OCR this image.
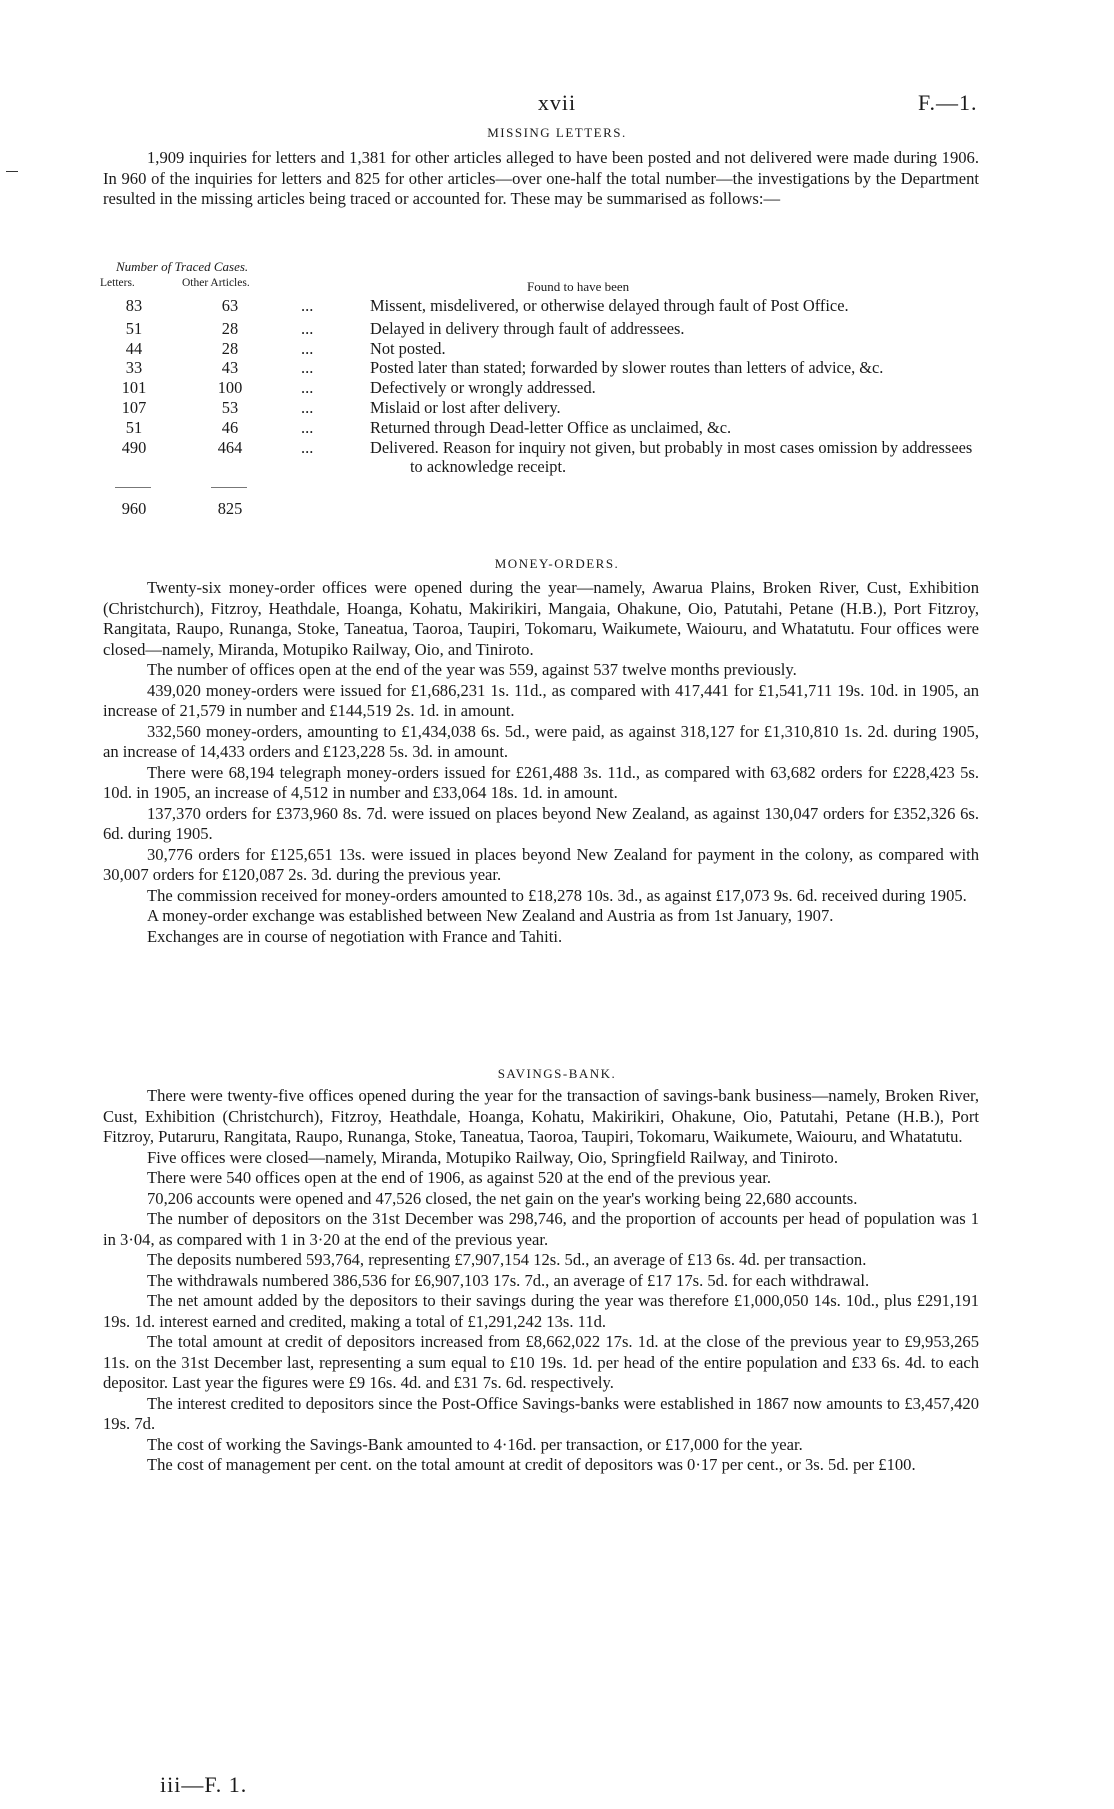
xvii	F.—1.
MISSING LETTERS.

1,909 inquiries for letters and 1,381 for other articles alleged to have been posted and not delivered were made during 1906. In 960 of the inquiries for letters and 825 for other articles—over one-half the total number—the investigations by the Department resulted in the missing articles being traced or accounted for. These may be summarised as follows:—

Number of Traced Cases.
Letters.	Other Articles.	Found to have been
83	63	...	Missent, misdelivered, or otherwise delayed through fault of Post Office.
51	28	...	Delayed in delivery through fault of addressees.
44	28	...	Not posted.
33	43	...	Posted later than stated; forwarded by slower routes than letters of advice, &c.
101	100	...	Defectively or wrongly addressed.
107	53	...	Mislaid or lost after delivery.
51	46	...	Returned through Dead-letter Office as unclaimed, &c.
490	464	...	Delivered. Reason for inquiry not given, but probably in most cases omission by addressees to acknowledge receipt.
960	825
MONEY-ORDERS.

Twenty-six money-order offices were opened during the year—namely, Awarua Plains, Broken River, Cust, Exhibition (Christchurch), Fitzroy, Heathdale, Hoanga, Kohatu, Makirikiri, Mangaia, Ohakune, Oio, Patutahi, Petane (H.B.), Port Fitzroy, Rangitata, Raupo, Runanga, Stoke, Taneatua, Taoroa, Taupiri, Tokomaru, Waikumete, Waiouru, and Whatatutu. Four offices were closed—namely, Miranda, Motupiko Railway, Oio, and Tiniroto.

The number of offices open at the end of the year was 559, against 537 twelve months previously.

439,020 money-orders were issued for £1,686,231 1s. 11d., as compared with 417,441 for £1,541,711 19s. 10d. in 1905, an increase of 21,579 in number and £144,519 2s. 1d. in amount.

332,560 money-orders, amounting to £1,434,038 6s. 5d., were paid, as against 318,127 for £1,310,810 1s. 2d. during 1905, an increase of 14,433 orders and £123,228 5s. 3d. in amount.

There were 68,194 telegraph money-orders issued for £261,488 3s. 11d., as compared with 63,682 orders for £228,423 5s. 10d. in 1905, an increase of 4,512 in number and £33,064 18s. 1d. in amount.

137,370 orders for £373,960 8s. 7d. were issued on places beyond New Zealand, as against 130,047 orders for £352,326 6s. 6d. during 1905.

30,776 orders for £125,651 13s. were issued in places beyond New Zealand for payment in the colony, as compared with 30,007 orders for £120,087 2s. 3d. during the previous year.

The commission received for money-orders amounted to £18,278 10s. 3d., as against £17,073 9s. 6d. received during 1905.

A money-order exchange was established between New Zealand and Austria as from 1st January, 1907.

Exchanges are in course of negotiation with France and Tahiti.

SAVINGS-BANK.

There were twenty-five offices opened during the year for the transaction of savings-bank business—namely, Broken River, Cust, Exhibition (Christchurch), Fitzroy, Heathdale, Hoanga, Kohatu, Makirikiri, Ohakune, Oio, Patutahi, Petane (H.B.), Port Fitzroy, Putaruru, Rangitata, Raupo, Runanga, Stoke, Taneatua, Taoroa, Taupiri, Tokomaru, Waikumete, Waiouru, and Whatatutu.

Five offices were closed—namely, Miranda, Motupiko Railway, Oio, Springfield Railway, and Tiniroto.

There were 540 offices open at the end of 1906, as against 520 at the end of the previous year.

70,206 accounts were opened and 47,526 closed, the net gain on the year's working being 22,680 accounts.

The number of depositors on the 31st December was 298,746, and the proportion of accounts per head of population was 1 in 3·04, as compared with 1 in 3·20 at the end of the previous year.

The deposits numbered 593,764, representing £7,907,154 12s. 5d., an average of £13 6s. 4d. per transaction.

The withdrawals numbered 386,536 for £6,907,103 17s. 7d., an average of £17 17s. 5d. for each withdrawal.

The net amount added by the depositors to their savings during the year was therefore £1,000,050 14s. 10d., plus £291,191 19s. 1d. interest earned and credited, making a total of £1,291,242 13s. 11d.

The total amount at credit of depositors increased from £8,662,022 17s. 1d. at the close of the previous year to £9,953,265 11s. on the 31st December last, representing a sum equal to £10 19s. 1d. per head of the entire population and £33 6s. 4d. to each depositor. Last year the figures were £9 16s. 4d. and £31 7s. 6d. respectively.

The interest credited to depositors since the Post-Office Savings-banks were established in 1867 now amounts to £3,457,420 19s. 7d.

The cost of working the Savings-Bank amounted to 4·16d. per transaction, or £17,000 for the year.

The cost of management per cent. on the total amount at credit of depositors was 0·17 per cent., or 3s. 5d. per £100.

iii—F. 1.
